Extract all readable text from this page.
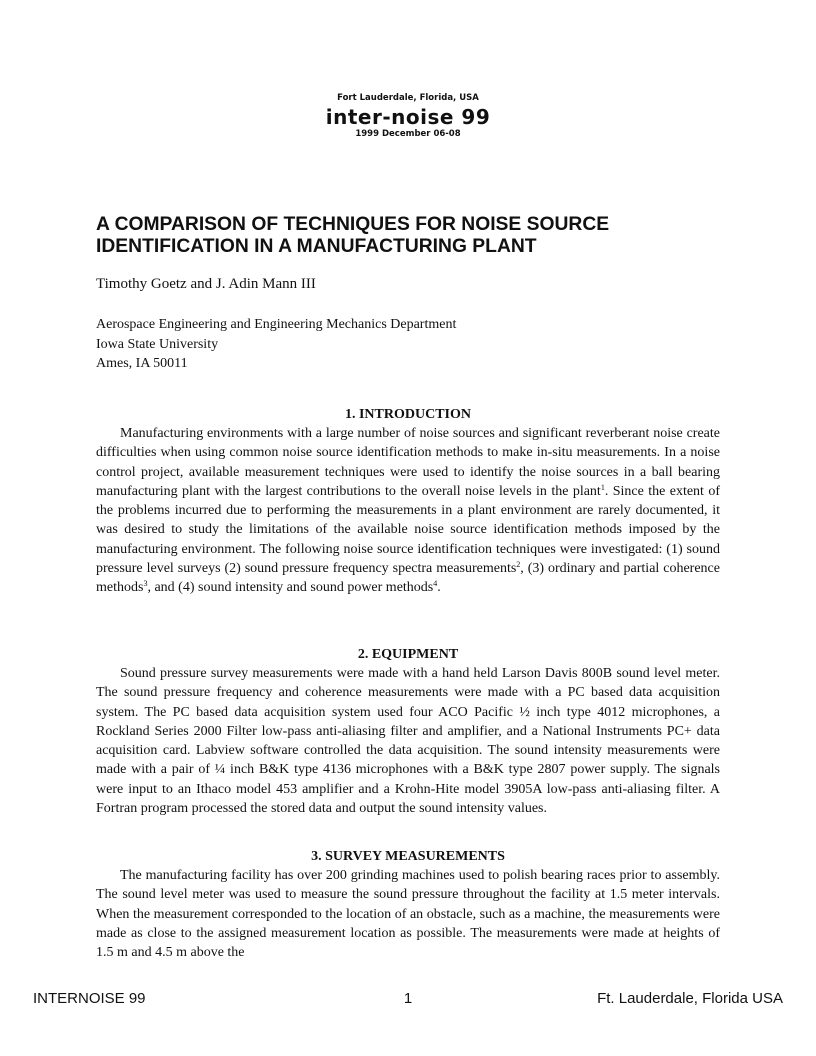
Fort Lauderdale, Florida, USA
inter-noise 99
1999 December 06-08
A COMPARISON OF TECHNIQUES FOR NOISE SOURCE IDENTIFICATION IN A MANUFACTURING PLANT

Timothy Goetz and J. Adin Mann III

Aerospace Engineering and Engineering Mechanics Department
Iowa State University
Ames, IA 50011
1. INTRODUCTION

Manufacturing environments with a large number of noise sources and significant reverberant noise create difficulties when using common noise source identification methods to make in-situ measurements. In a noise control project, available measurement techniques were used to identify the noise sources in a ball bearing manufacturing plant with the largest contributions to the overall noise levels in the plant$^1$. Since the extent of the problems incurred due to performing the measurements in a plant environment are rarely documented, it was desired to study the limitations of the available noise source identification methods imposed by the manufacturing environment. The following noise source identification techniques were investigated: (1) sound pressure level surveys (2) sound pressure frequency spectra measurements$^2$, (3) ordinary and partial coherence methods$^3$, and (4) sound intensity and sound power methods$^4$.

2. EQUIPMENT

Sound pressure survey measurements were made with a hand held Larson Davis 800B sound level meter. The sound pressure frequency and coherence measurements were made with a PC based data acquisition system. The PC based data acquisition system used four ACO Pacific ½ inch type 4012 microphones, a Rockland Series 2000 Filter low-pass anti-aliasing filter and amplifier, and a National Instruments PC+ data acquisition card. Labview software controlled the data acquisition. The sound intensity measurements were made with a pair of ¼ inch B&K type 4136 microphones with a B&K type 2807 power supply. The signals were input to an Ithaco model 453 amplifier and a Krohn-Hite model 3905A low-pass anti-aliasing filter. A Fortran program processed the stored data and output the sound intensity values.

3. SURVEY MEASUREMENTS

The manufacturing facility has over 200 grinding machines used to polish bearing races prior to assembly. The sound level meter was used to measure the sound pressure throughout the facility at 1.5 meter intervals. When the measurement corresponded to the location of an obstacle, such as a machine, the measurements were made as close to the assigned measurement location as possible. The measurements were made at heights of 1.5 m and 4.5 m above the

INTERNOISE 99	1	Ft. Lauderdale, Florida USA
